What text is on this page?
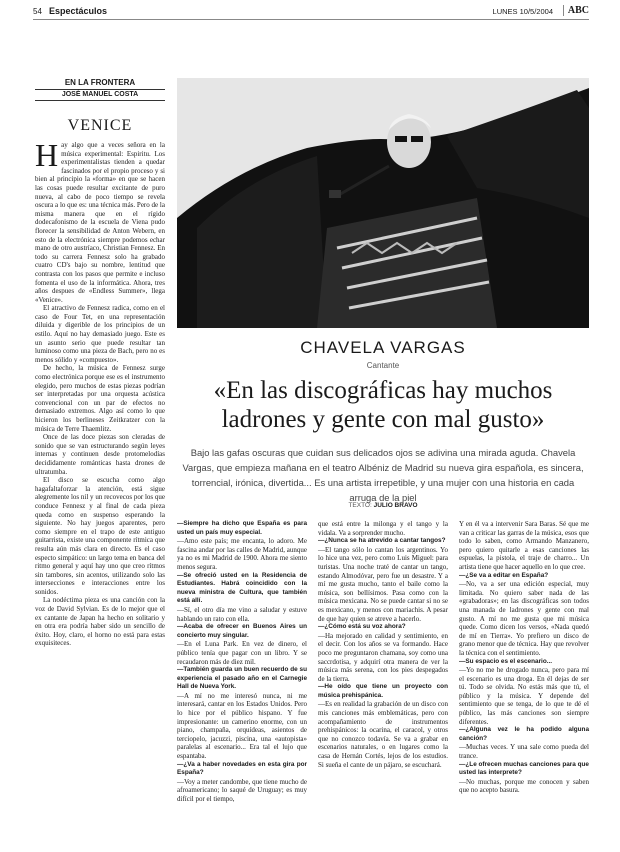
54 Espectáculos	LUNES 10/5/2004	ABC
EN LA FRONTERA
JOSÉ MANUEL COSTA
VENICE

Hay algo que a veces señora en la música experimental: Espiritu. Los experimentalistas tienden a quedar fascinados por el propio proceso y si bien al principio la «forma» en que se hacen las cosas puede resultar excitante de puro nueva, al cabo de poco tiempo se revela oscura a lo que es: una técnica más. Pero de la misma manera que en el rígido dodecafonismo de la escuela de Viena pudo florecer la sensibilidad de Anton Webern, en esto de la electrónica siempre podemos echar mano de otro austríaco, Christian Fennesz. En todo su carrera Fennesz solo ha grabado cuatro CD's bajo su nombre, lentitud que contrasta con los pasos que permite e incluso fomenta el uso de la informática. Ahora, tres años despues de «Endless Summer», llega «Venice».

El atractivo de Fennesz radica, como en el caso de Four Tet, en una representación diluida y digerible de los principios de un estilo. Aquí no hay demasiado juego. Este es un asunto serio que puede resultar tan luminoso como una pieza de Bach, pero no es menos sólido y «compuesto».

De hecho, la música de Fennesz surge como electrónica porque ese es el instrumento elegido, pero muchos de estas piezas podrían ser interpretadas por una orquesta acústica convencional con un par de efectos no demasiado extremos. Algo así como lo que hicieron los berlineses Zeitkratzer con la música de Terre Thaemlitz.

Once de las doce piezas son cleradas de sonido que se van estructurando según leyes internas y continuen desde protomelodías decididamente románticas hasta drones de ultratumba.

El disco se escucha como algo hagafaltaforzar la atención, está sigue alegremente los nil y un recovecos por los que conduce Fennesz y al final de cada pieza queda como en suspenso esperando la siguiente. No hay juegos aparentes, pero como siempre en el trapo de este antiguo guitarrista, existe una componente rítmica que resulta aún más clara en directo. Es el caso especto simpático: un largo tema en banca del ritmo general y aquí hay uno que creo rítmos sin tambores, sin acentos, utilizando solo las intersecciones e interacciones entre los sonidos.

La nodéctima pieza es una canción con la voz de David Sylvian. Es de lo mejor que el ex cantante de Japan ha hecho en solitario y en otra era podría haber sido un sencillo de éxito. Hoy, claro, el horno no está para estas exquisiteces.

CHAVELA VARGAS
Cantante
«En las discográficas hay muchos ladrones y gente con mal gusto»
Bajo las gafas oscuras que cuidan sus delicados ojos se adivina una mirada aguda. Chavela Vargas, que empieza mañana en el teatro Albéniz de Madrid su nueva gira española, es sincera, torrencial, irónica, divertida... Es una artista irrepetible, y una mujer con una historia en cada arruga de la piel
TEXTO: JULIO BRAVO

—Siempre ha dicho que España es para usted un país muy especial.

—Amo este país; me encanta, lo adoro. Me fascina andar por las calles de Madrid, aunque ya no es mi Madrid de 1900. Ahora me siento menos segura.

—Se ofreció usted en la Residencia de Estudiantes. Habrá coincidido con la nueva ministra de Cultura, que también está allí.

—Sí, el otro día me vino a saludar y estuve hablando un rato con ella.

—Acaba de ofrecer en Buenos Aires un concierto muy singular.

—En el Luna Park. En vez de dinero, el público tenía que pagar con un libro. Y se recaudaron más de diez mil.

—También guarda un buen recuerdo de su experiencia el pasado año en el Carnegie Hall de Nueva York.

—A mí no me interesó nunca, ni me interesará, cantar en los Estados Unidos. Pero lo hice por el público hispano. Y fue impresionante: un camerino enorme, con un piano, champaña, orquídeas, asientos de terciopelo, jacuzzi, piscina, una «autopista» paralelas al escenario... Era tal el lujo que espantaba.

—¿Va a haber novedades en esta gira por España?

—Voy a meter candombe, que tiene mucho de afroamericano; lo saqué de Uruguay; es muy difícil por el tiempo,

que está entre la milonga y el tango y la vidala. Va a sorprender mucho.

—¿Nunca se ha atrevido a cantar tangos?

—El tango sólo lo cantan los argentinos. Yo lo hice una vez, pero como Luis Miguel: para turistas. Una noche traté de cantar un tango, estando Almodóvar, pero fue un desastre. Y a mí me gusta mucho, tanto el baile como la música, son bellísimos. Pasa como con la música mexicana. No se puede cantar si no se es mexicano, y menos con mariachis. A pesar de que hay quien se atreve a hacerlo.

—¿Cómo está su voz ahora?

—Ha mejorado en calidad y sentimiento, en el decir. Con los años se va formando. Hace poco me preguntaron chamana, soy como una saccrdotisa, y adquirí otra manera de ver la música más serena, con los pies despegados de la tierra.

—He oído que tiene un proyecto con música prehispánica.

—Es en realidad la grabación de un disco con mis canciones más emblemáticas, pero con acompañamiento de instrumentos prehispánicos: la ocarina, el caracol, y otros que no conozco todavía. Se va a grabar en escenarios naturales, o en lugares como la casa de Hernán Cortés, lejos de los estudios. Si sueña el cante de un pájaro, se escuchará.

Y en él va a intervenir Sara Baras. Sé que me van a criticar las garras de la música, esos que todo lo saben, como Armando Manzanero, pero quiero quitarle a esas canciones las espuelas, la pistola, el traje de charro... Un artista tiene que hacer aquello en lo que cree.

—¿Se va a editar en España?

—No, va a ser una edición especial, muy limitada. No quiero saber nada de las «grabadoras»; en las discográficas son todos una manada de ladrones y gente con mal gusto. A mí no me gusta que mi música quede. Como dicen los versos, «Nada quedó de mí en Tierra». Yo prefiero un disco de grano menor que de técnica. Hay que revolver la técnica con el sentimiento.

—Su espacio es el escenario...

—Yo no me he drogado nunca, pero para mí el escenario es una droga. En él dejas de ser tú. Todo se olvida. No estás más que tú, el público y la música. Y depende del sentimiento que se tenga, de lo que te dé el público, las más canciones son siempre diferentes.

—¿Alguna vez le ha podido alguna canción?

—Muchas veces. Y una sale como pueda del trance.

—¿Le ofrecen muchas canciones para que usted las interprete?

—No muchas, porque me conocen y saben que no acepto basura.
